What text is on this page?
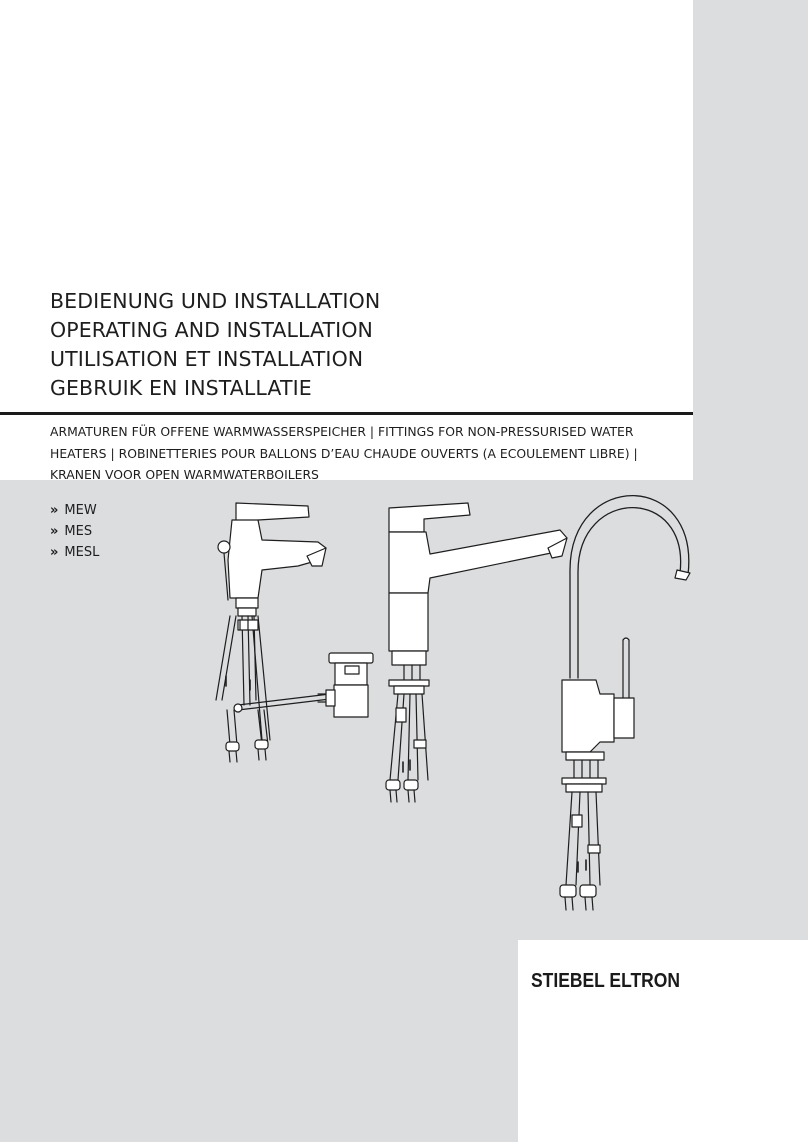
BEDIENUNG UND INSTALLATION
OPERATING AND INSTALLATION
UTILISATION ET INSTALLATION
GEBRUIK EN INSTALLATIE
ARMATUREN FÜR OFFENE WARMWASSERSPEICHER | FITTINGS FOR NON-PRESSURISED WATER
HEATERS | ROBINETTERIES POUR BALLONS D’EAU CHAUDE OUVERTS (A ECOULEMENT LIBRE) |
KRANEN VOOR OPEN WARMWATERBOILERS
» MEW
» MES
» MESL
STIEBEL ELTRON
